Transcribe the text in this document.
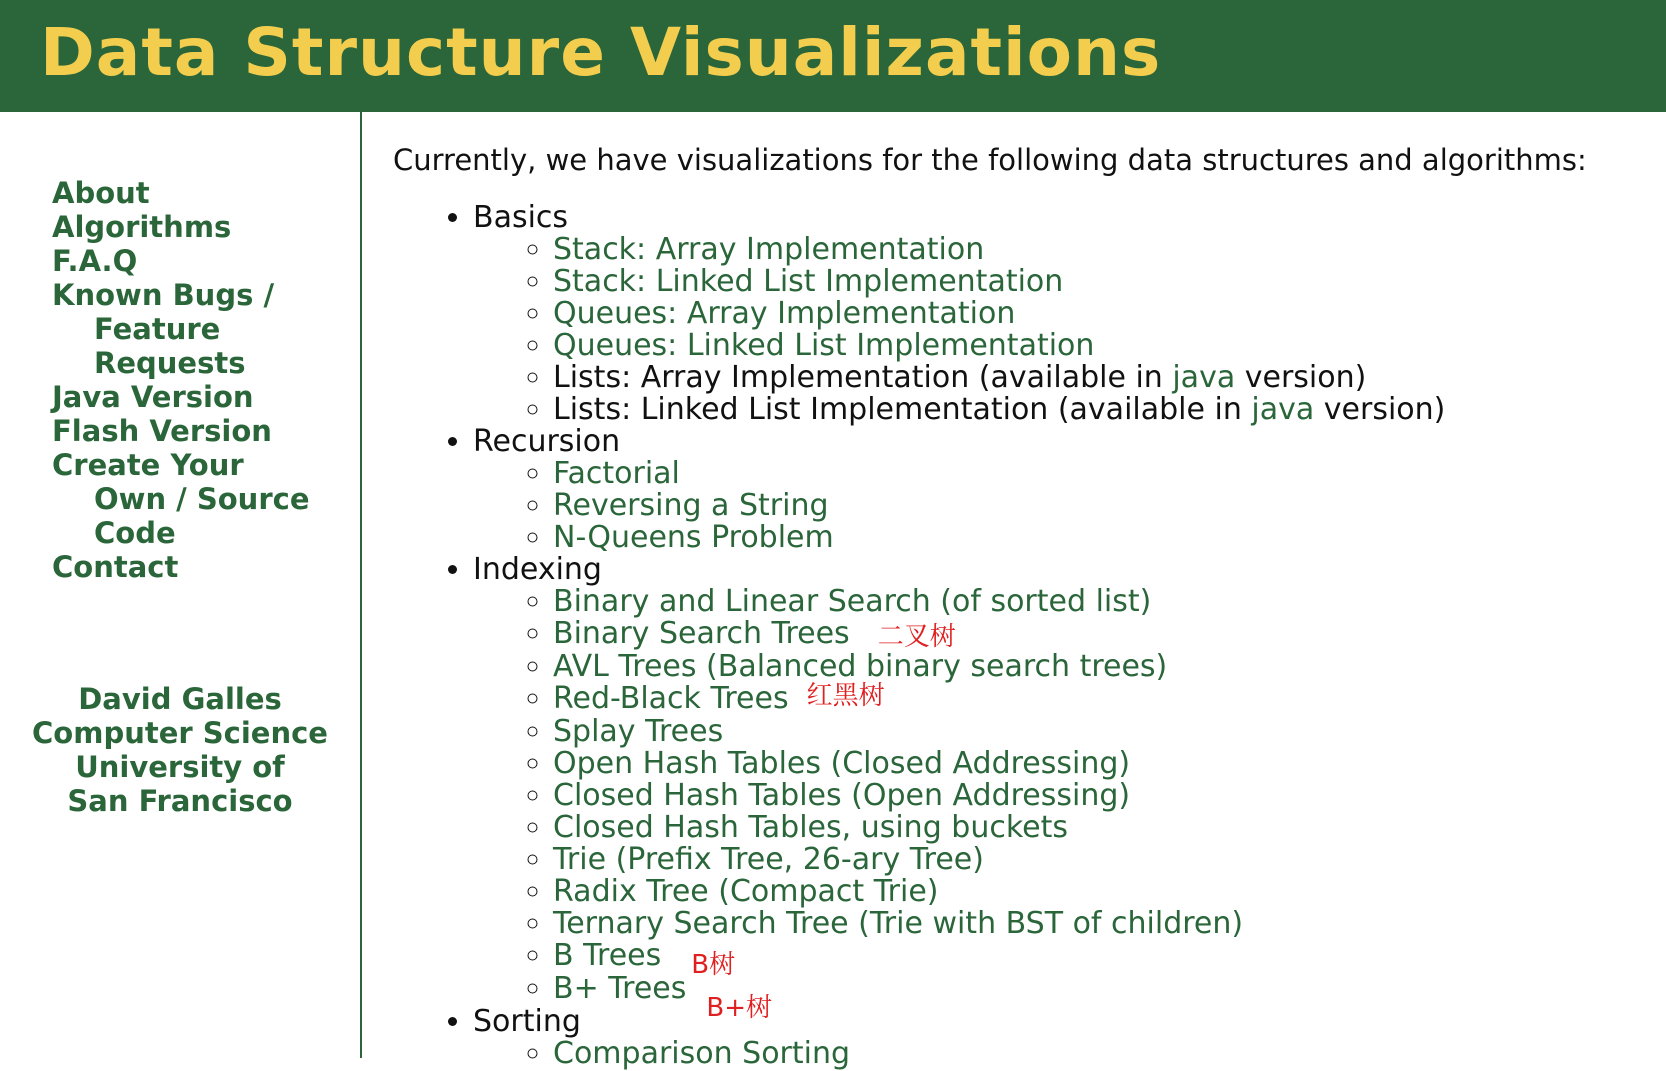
Data Structure Visualizations
About
Algorithms
F.A.Q
Known Bugs / Feature Requests
Java Version
Flash Version
Create Your Own / Source Code
Contact
David Galles
Computer Science
University of San Francisco

Currently, we have visualizations for the following data structures and algorithms:

• Basics
◦ Stack: Array Implementation
◦ Stack: Linked List Implementation
◦ Queues: Array Implementation
◦ Queues: Linked List Implementation
◦ Lists: Array Implementation (available in java version)
◦ Lists: Linked List Implementation (available in java version)
• Recursion
◦ Factorial
◦ Reversing a String
◦ N-Queens Problem
• Indexing
◦ Binary and Linear Search (of sorted list)
◦ Binary Search Trees 二叉树
◦ AVL Trees (Balanced binary search trees)
◦ Red-Black Trees 红黑树
◦ Splay Trees
◦ Open Hash Tables (Closed Addressing)
◦ Closed Hash Tables (Open Addressing)
◦ Closed Hash Tables, using buckets
◦ Trie (Prefix Tree, 26-ary Tree)
◦ Radix Tree (Compact Trie)
◦ Ternary Search Tree (Trie with BST of children)
◦ B Trees B树
◦ B+ TreesB+树
• Sorting
◦ Comparison Sorting
